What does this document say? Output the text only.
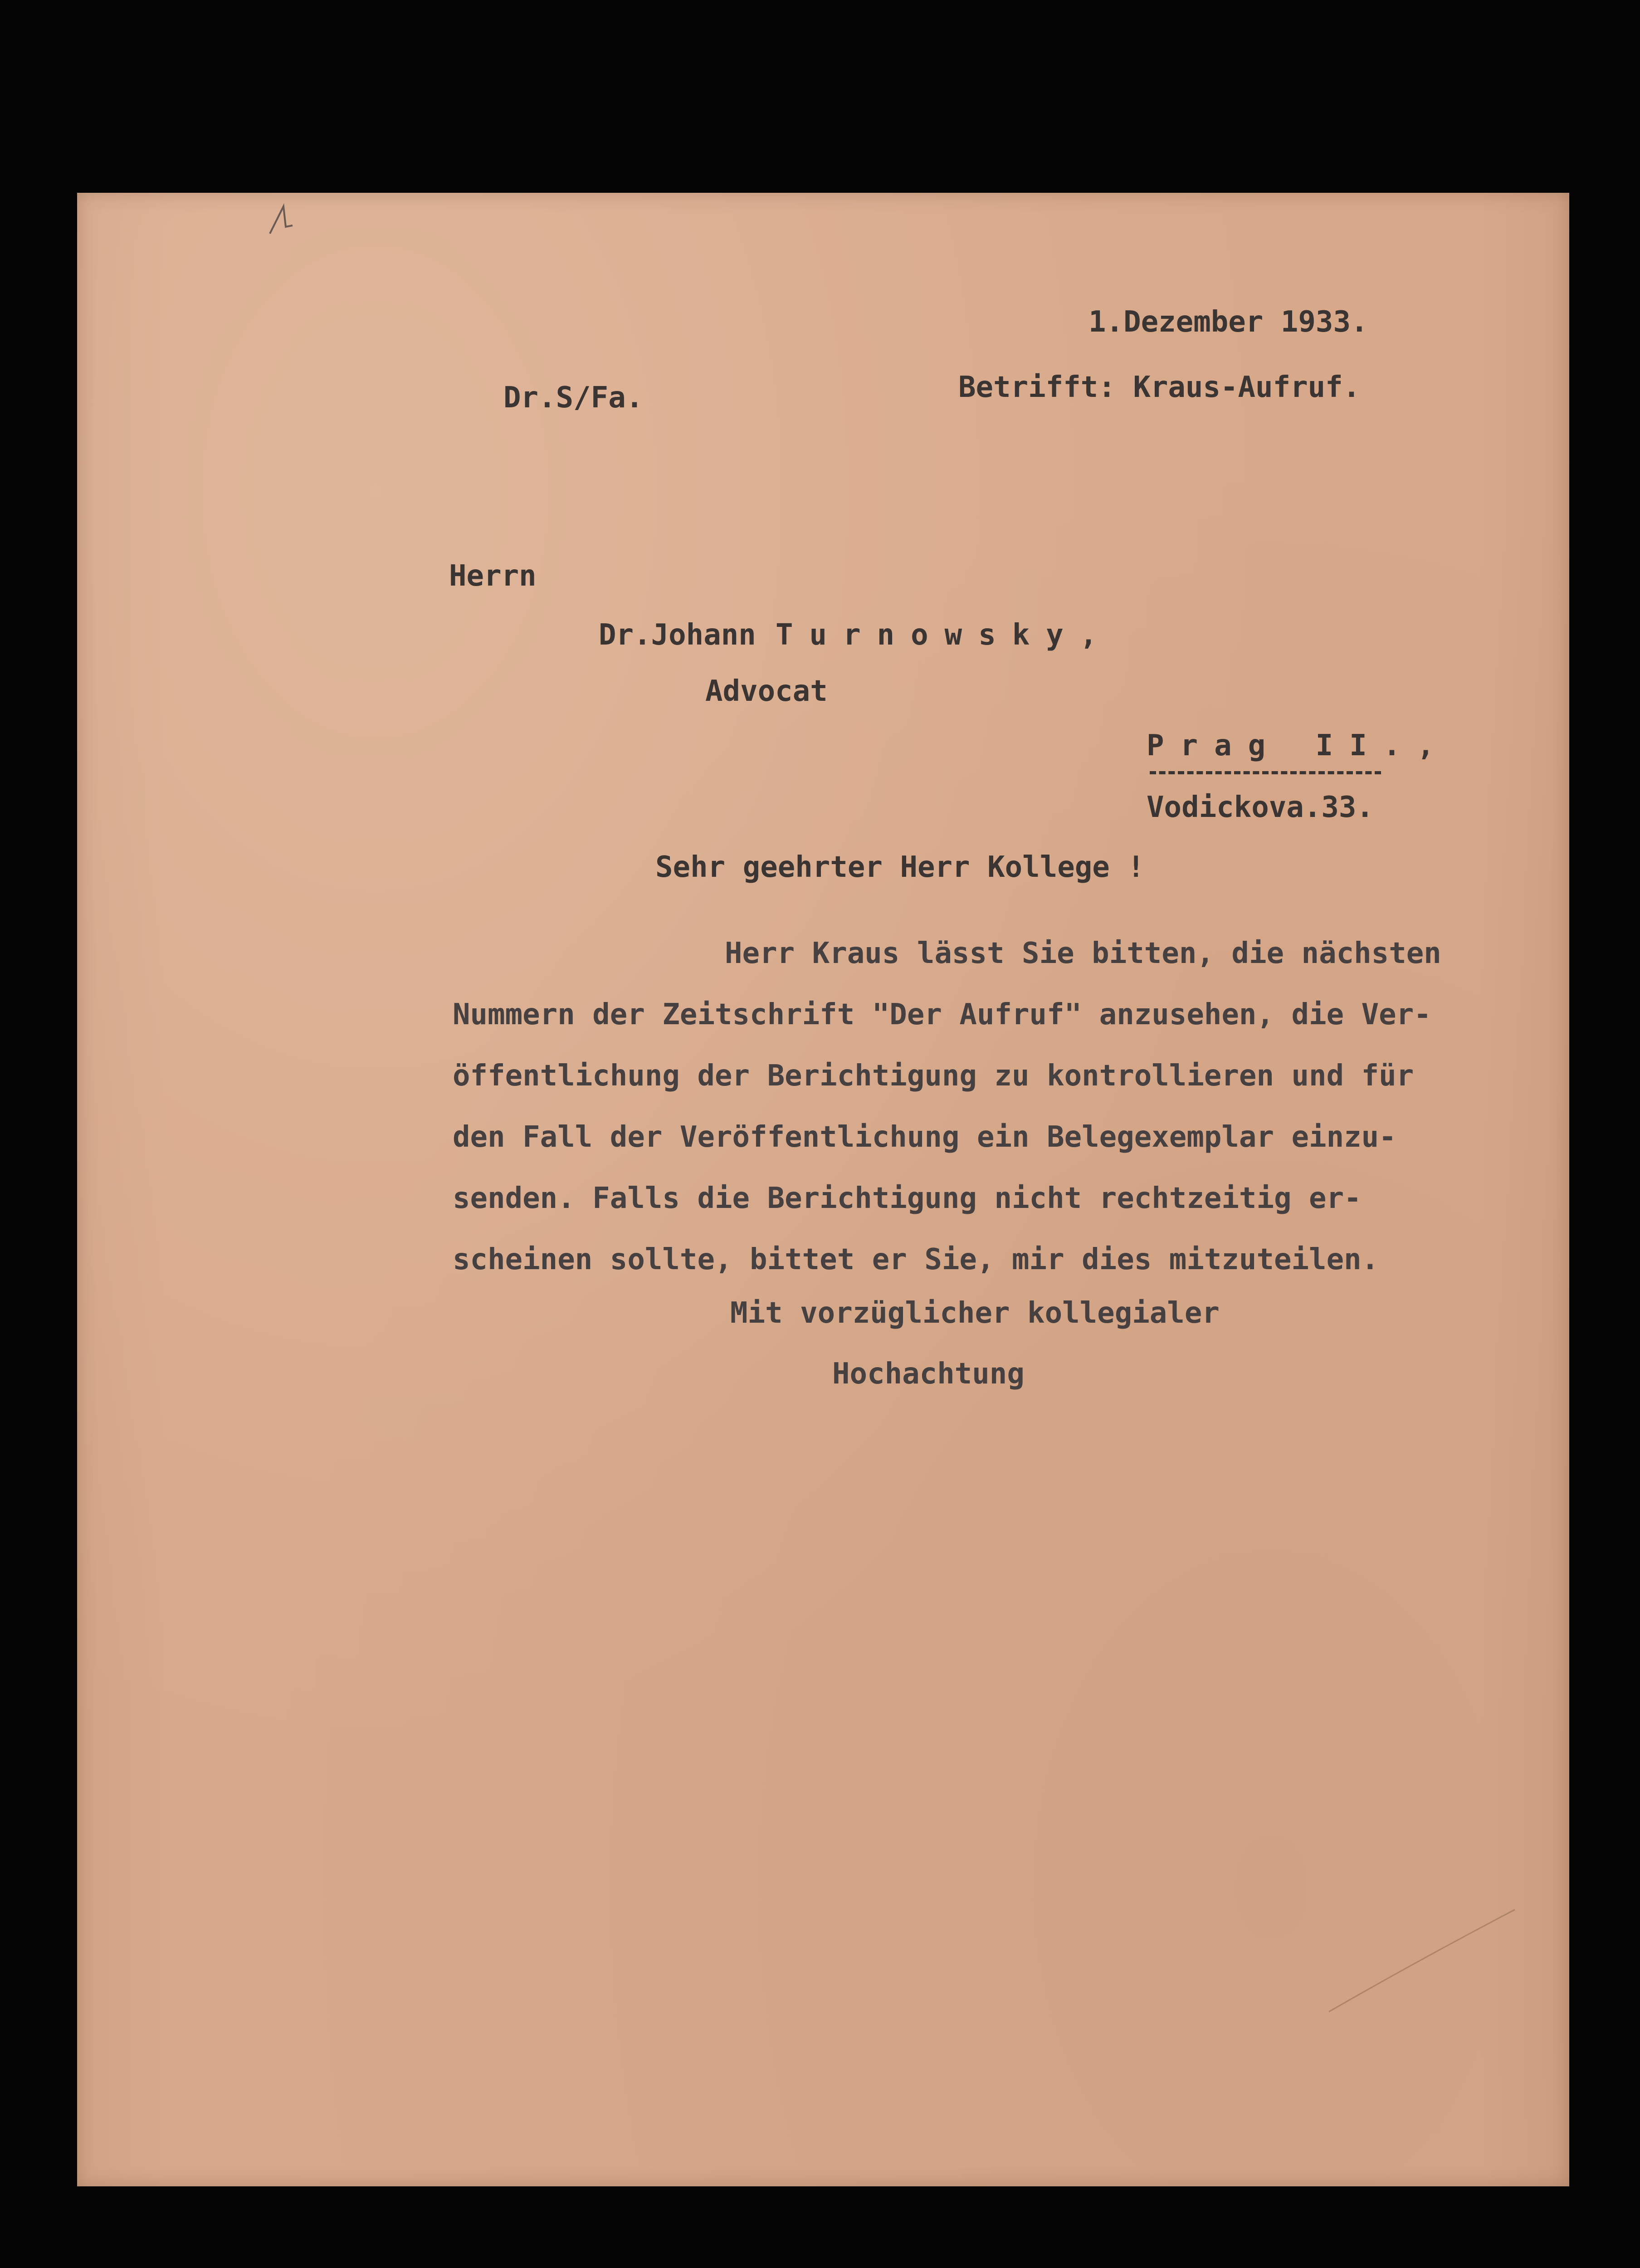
1.Dezember 1933.
Dr.S/Fa.	Betrifft: Kraus-Aufruf.
Herrn
Dr.Johann Turnowsky,
Advocat
Prag II.,
Vodickova.33.
Sehr geehrter Herr Kollege !
Herr Kraus lässt Sie bitten, die nächsten
Nummern der Zeitschrift "Der Aufruf" anzusehen, die Ver-
öffentlichung der Berichtigung zu kontrollieren und für
den Fall der Veröffentlichung ein Belegexemplar einzu-
senden. Falls die Berichtigung nicht rechtzeitig er-
scheinen sollte, bittet er Sie, mir dies mitzuteilen.
Mit vorzüglicher kollegialer
Hochachtung
